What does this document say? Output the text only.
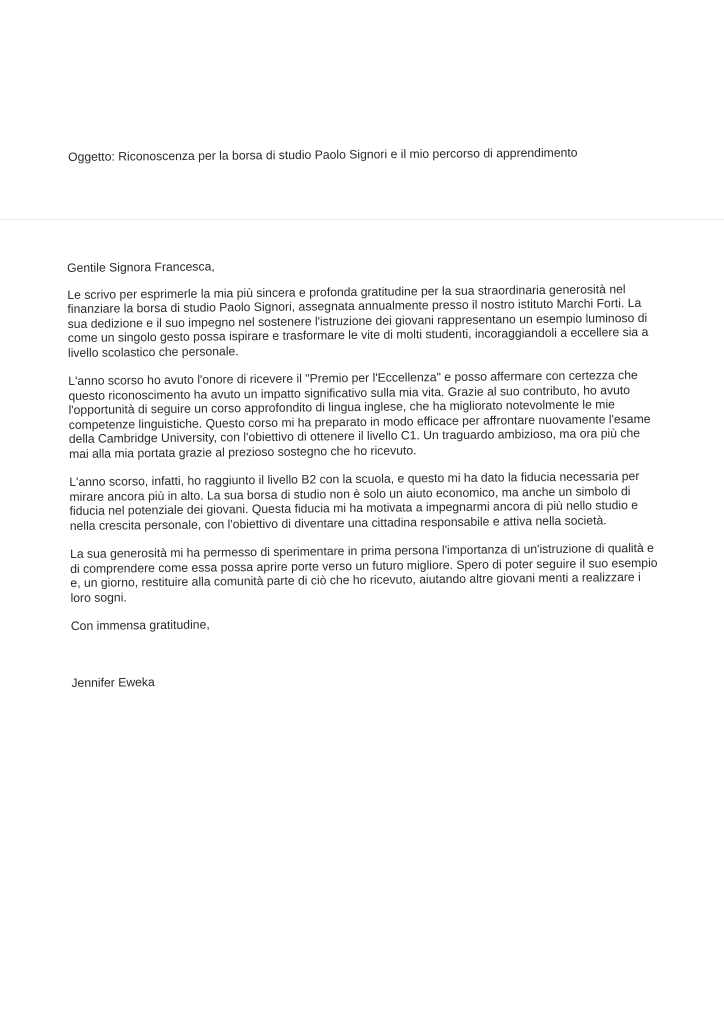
Oggetto: Riconoscenza per la borsa di studio Paolo Signori e il mio percorso di apprendimento

Gentile Signora Francesca,

Le scrivo per esprimerle la mia più sincera e profonda gratitudine per la sua straordinaria generosità nel finanziare la borsa di studio Paolo Signori, assegnata annualmente presso il nostro istituto Marchi Forti. La sua dedizione e il suo impegno nel sostenere l'istruzione dei giovani rappresentano un esempio luminoso di come un singolo gesto possa ispirare e trasformare le vite di molti studenti, incoraggiandoli a eccellere sia a livello scolastico che personale.

L'anno scorso ho avuto l'onore di ricevere il "Premio per l'Eccellenza" e posso affermare con certezza che questo riconoscimento ha avuto un impatto significativo sulla mia vita. Grazie al suo contributo, ho avuto l'opportunità di seguire un corso approfondito di lingua inglese, che ha migliorato notevolmente le mie competenze linguistiche. Questo corso mi ha preparato in modo efficace per affrontare nuovamente l'esame della Cambridge University, con l'obiettivo di ottenere il livello C1. Un traguardo ambizioso, ma ora più che mai alla mia portata grazie al prezioso sostegno che ho ricevuto.

L'anno scorso, infatti, ho raggiunto il livello B2 con la scuola, e questo mi ha dato la fiducia necessaria per mirare ancora più in alto. La sua borsa di studio non è solo un aiuto economico, ma anche un simbolo di fiducia nel potenziale dei giovani. Questa fiducia mi ha motivata a impegnarmi ancora di più nello studio e nella crescita personale, con l'obiettivo di diventare una cittadina responsabile e attiva nella società.

La sua generosità mi ha permesso di sperimentare in prima persona l'importanza di un'istruzione di qualità e di comprendere come essa possa aprire porte verso un futuro migliore. Spero di poter seguire il suo esempio e, un giorno, restituire alla comunità parte di ciò che ho ricevuto, aiutando altre giovani menti a realizzare i loro sogni.

Con immensa gratitudine,

Jennifer Eweka
